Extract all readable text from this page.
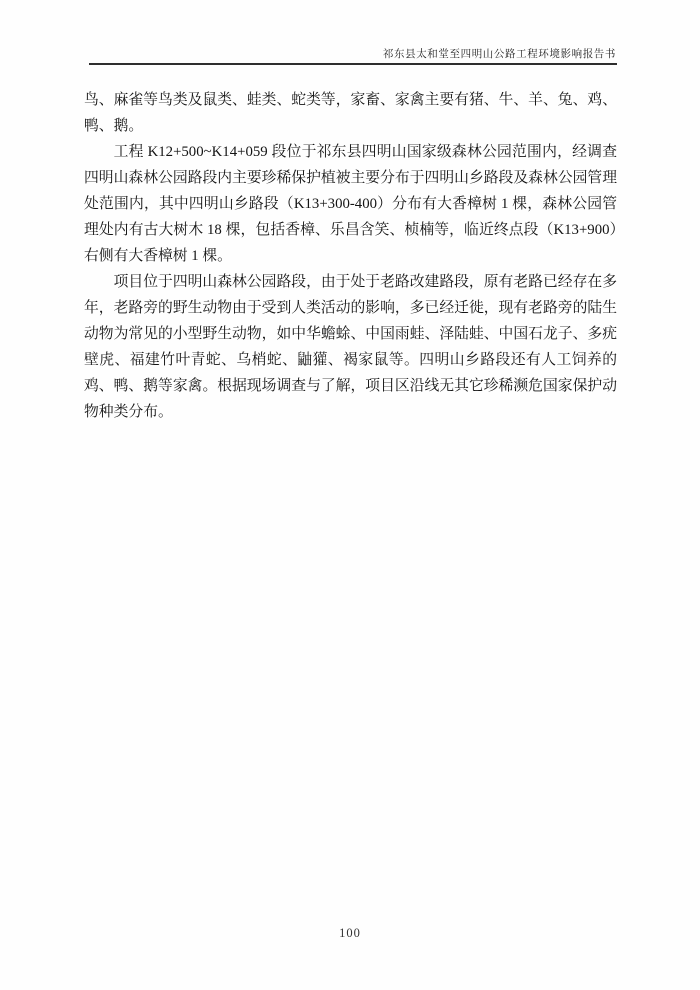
祁东县太和堂至四明山公路工程环境影响报告书

鸟、麻雀等鸟类及鼠类、蛙类、蛇类等，家畜、家禽主要有猪、牛、羊、兔、鸡、鸭、鹅。

工程 K12+500~K14+059 段位于祁东县四明山国家级森林公园范围内，经调查四明山森林公园路段内主要珍稀保护植被主要分布于四明山乡路段及森林公园管理处范围内，其中四明山乡路段（K13+300-400）分布有大香樟树 1 棵，森林公园管理处内有古大树木 18 棵，包括香樟、乐昌含笑、桢楠等，临近终点段（K13+900）右侧有大香樟树 1 棵。

项目位于四明山森林公园路段，由于处于老路改建路段，原有老路已经存在多年，老路旁的野生动物由于受到人类活动的影响，多已经迁徙，现有老路旁的陆生动物为常见的小型野生动物，如中华蟾蜍、中国雨蛙、泽陆蛙、中国石龙子、多疣壁虎、福建竹叶青蛇、乌梢蛇、鼬獾、褐家鼠等。四明山乡路段还有人工饲养的鸡、鸭、鹅等家禽。根据现场调查与了解，项目区沿线无其它珍稀濒危国家保护动物种类分布。

100
